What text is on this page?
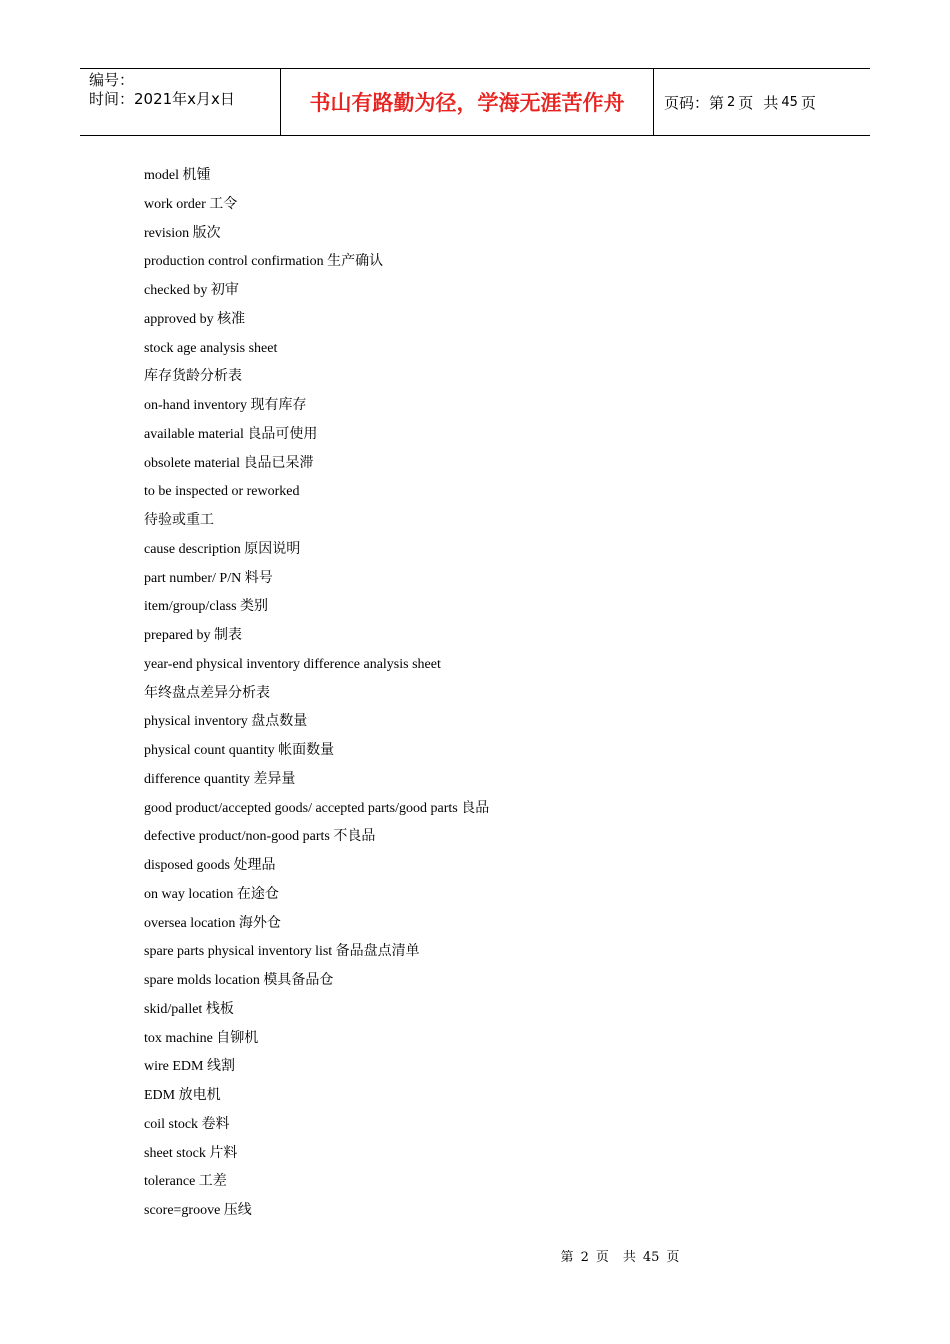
编号：
时间：2021年x月x日	书山有路勤为径，学海无涯苦作舟	页码：第 2 页 共 45 页
model 机锺
work order 工令
revision 版次
production control confirmation 生产确认
checked by 初审
approved by 核准
stock age analysis sheet
库存货龄分析表
on-hand inventory 现有库存
available material 良品可使用
obsolete material 良品已呆滞
to be inspected or reworked
待验或重工
cause description 原因说明
part number/ P/N 料号
item/group/class 类别
prepared by 制表
year-end physical inventory difference analysis sheet
年终盘点差异分析表
physical inventory 盘点数量
physical count quantity 帐面数量
difference quantity 差异量
good product/accepted goods/ accepted parts/good parts 良品
defective product/non-good parts 不良品
disposed goods 处理品
on way location 在途仓
oversea location 海外仓
spare parts physical inventory list 备品盘点清单
spare molds location 模具备品仓
skid/pallet 栈板
tox machine 自铆机
wire EDM 线割
EDM 放电机
coil stock 卷料
sheet stock 片料
tolerance 工差
score=groove 压线
第 2 页 共 45 页
